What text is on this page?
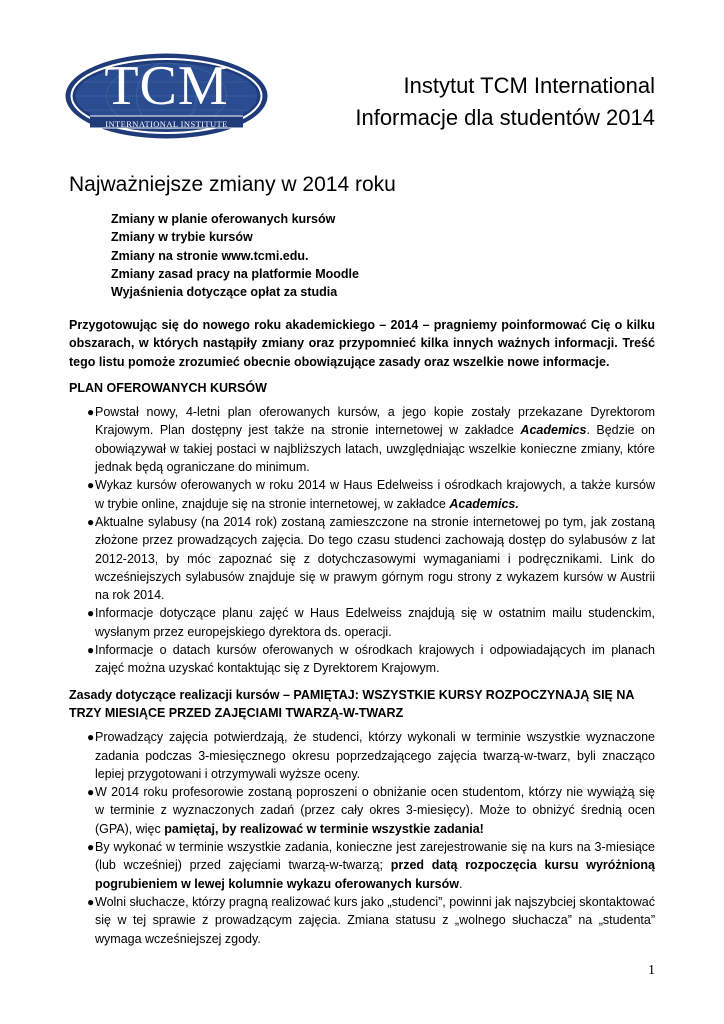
TCM
INTERNATIONAL INSTITUTE
Instytut TCM International
Informacje dla studentów 2014
Najważniejsze zmiany w 2014 roku
Zmiany w planie oferowanych kursów
Zmiany w trybie kursów
Zmiany na stronie www.tcmi.edu.
Zmiany zasad pracy na platformie Moodle
Wyjaśnienia dotyczące opłat za studia

Przygotowując się do nowego roku akademickiego – 2014 – pragniemy poinformować Cię o kilku obszarach, w których nastąpiły zmiany oraz przypomnieć kilka innych ważnych informacji. Treść tego listu pomoże zrozumieć obecnie obowiązujące zasady oraz wszelkie nowe informacje.

PLAN OFEROWANYCH KURSÓW
● Powstał nowy, 4-letni plan oferowanych kursów, a jego kopie zostały przekazane Dyrektorom Krajowym. Plan dostępny jest także na stronie internetowej w zakładce Academics. Będzie on obowiązywał w takiej postaci w najbliższych latach, uwzględniając wszelkie konieczne zmiany, które jednak będą ograniczane do minimum.
● Wykaz kursów oferowanych w roku 2014 w Haus Edelweiss i ośrodkach krajowych, a także kursów w trybie online, znajduje się na stronie internetowej, w zakładce Academics.
● Aktualne sylabusy (na 2014 rok) zostaną zamieszczone na stronie internetowej po tym, jak zostaną złożone przez prowadzących zajęcia. Do tego czasu studenci zachowają dostęp do sylabusów z lat 2012-2013, by móc zapoznać się z dotychczasowymi wymaganiami i podręcznikami. Link do wcześniejszych sylabusów znajduje się w prawym górnym rogu strony z wykazem kursów w Austrii na rok 2014.
● Informacje dotyczące planu zajęć w Haus Edelweiss znajdują się w ostatnim mailu studenckim, wysłanym przez europejskiego dyrektora ds. operacji.
● Informacje o datach kursów oferowanych w ośrodkach krajowych i odpowiadających im planach zajęć można uzyskać kontaktując się z Dyrektorem Krajowym.
Zasady dotyczące realizacji kursów – PAMIĘTAJ: WSZYSTKIE KURSY ROZPOCZYNAJĄ SIĘ NA TRZY MIESIĄCE PRZED ZAJĘCIAMI TWARZĄ-W-TWARZ
● Prowadzący zajęcia potwierdzają, że studenci, którzy wykonali w terminie wszystkie wyznaczone zadania podczas 3-miesięcznego okresu poprzedzającego zajęcia twarzą-w-twarz, byli znacząco lepiej przygotowani i otrzymywali wyższe oceny.
● W 2014 roku profesorowie zostaną poproszeni o obniżanie ocen studentom, którzy nie wywiążą się w terminie z wyznaczonych zadań (przez cały okres 3-miesięcy). Może to obniżyć średnią ocen (GPA), więc pamiętaj, by realizować w terminie wszystkie zadania!
● By wykonać w terminie wszystkie zadania, konieczne jest zarejestrowanie się na kurs na 3-miesiące (lub wcześniej) przed zajęciami twarzą-w-twarzą; przed datą rozpoczęcia kursu wyróżnioną pogrubieniem w lewej kolumnie wykazu oferowanych kursów.
● Wolni słuchacze, którzy pragną realizować kurs jako „studenci”, powinni jak najszybciej skontaktować się w tej sprawie z prowadzącym zajęcia. Zmiana statusu z „wolnego słuchacza” na „studenta” wymaga wcześniejszej zgody.
1
